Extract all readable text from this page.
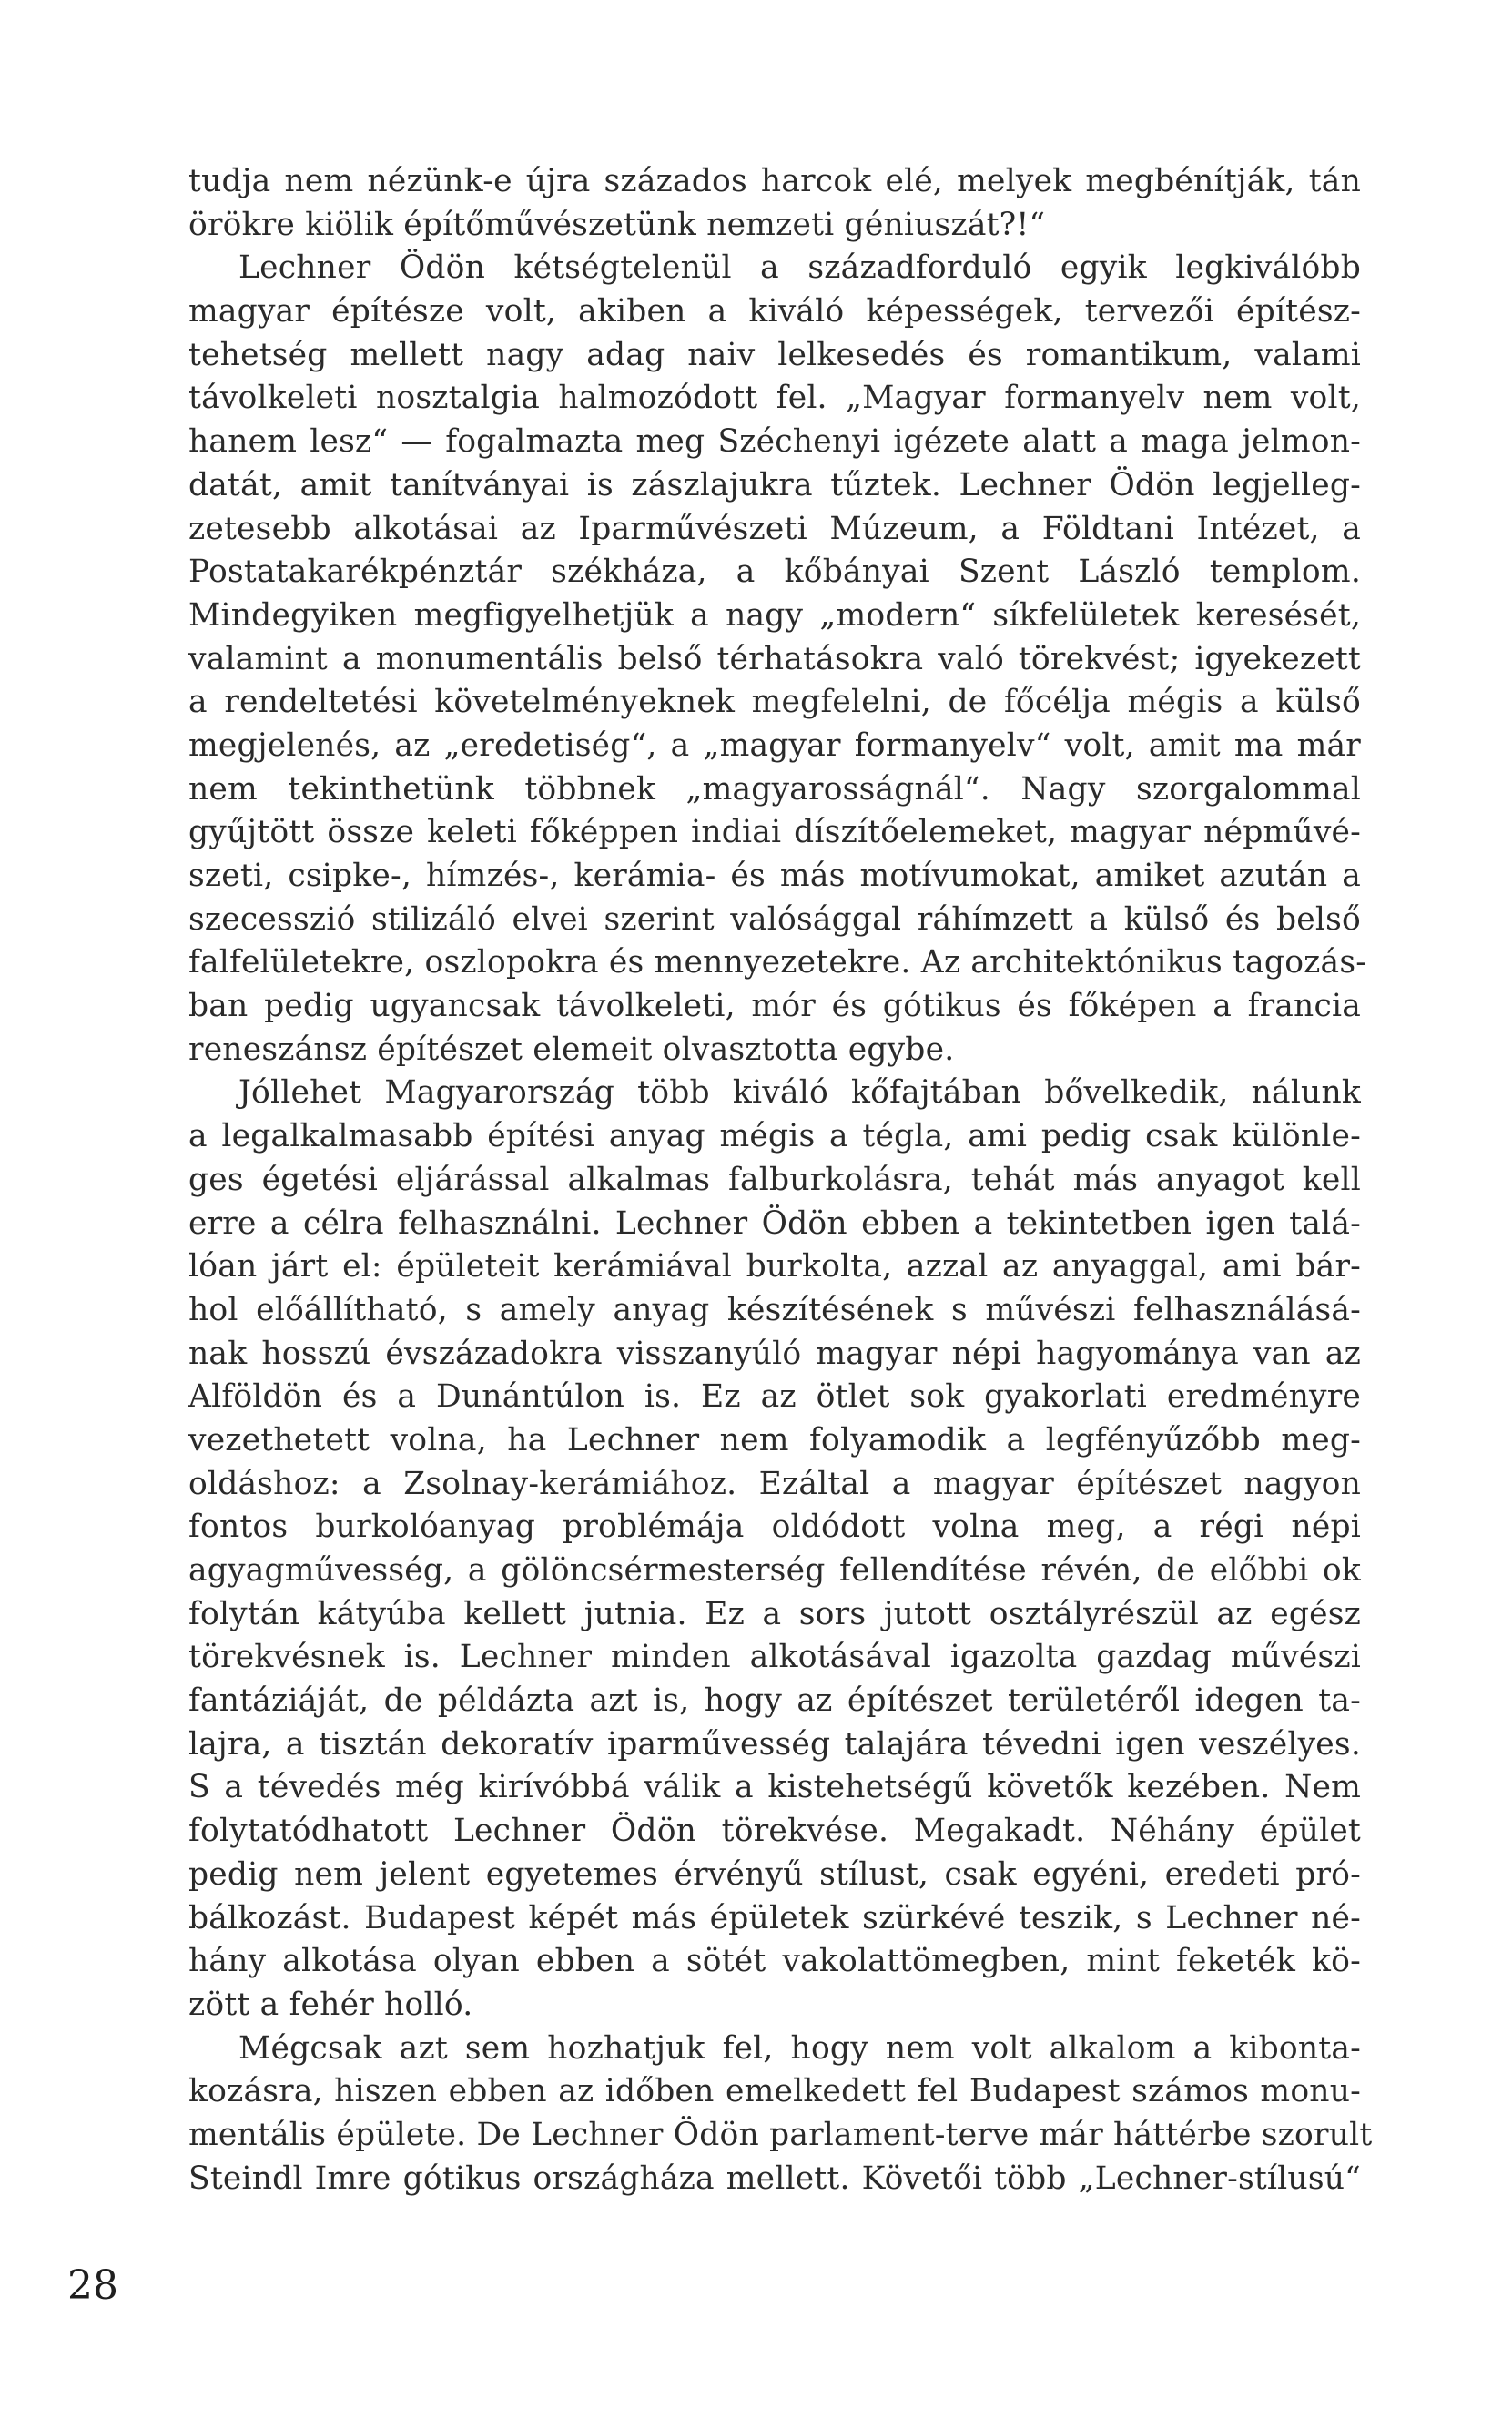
tudja nem nézünk-e újra százados harcok elé, melyek megbénítják, tán
örökre kiölik építőművészetünk nemzeti géniuszát?!“
Lechner Ödön kétségtelenül a századforduló egyik legkiválóbb
magyar építésze volt, akiben a kiváló képességek, tervezői építész-
tehetség mellett nagy adag naiv lelkesedés és romantikum, valami
távolkeleti nosztalgia halmozódott fel. „Magyar formanyelv nem volt,
hanem lesz“ — fogalmazta meg Széchenyi igézete alatt a maga jelmon-
datát, amit tanítványai is zászlajukra tűztek. Lechner Ödön legjelleg-
zetesebb alkotásai az Iparművészeti Múzeum, a Földtani Intézet, a
Postatakarékpénztár székháza, a kőbányai Szent László templom.
Mindegyiken megfigyelhetjük a nagy „modern“ síkfelületek keresését,
valamint a monumentális belső térhatásokra való törekvést; igyekezett
a rendeltetési követelményeknek megfelelni, de főcélja mégis a külső
megjelenés, az „eredetiség“, a „magyar formanyelv“ volt, amit ma már
nem tekinthetünk többnek „magyarosságnál“. Nagy szorgalommal
gyűjtött össze keleti főképpen indiai díszítőelemeket, magyar népművé-
szeti, csipke-, hímzés-, kerámia- és más motívumokat, amiket azután a
szecesszió stilizáló elvei szerint valósággal ráhímzett a külső és belső
falfelületekre, oszlopokra és mennyezetekre. Az architektónikus tagozás-
ban pedig ugyancsak távolkeleti, mór és gótikus és főképen a francia
reneszánsz építészet elemeit olvasztotta egybe.
Jóllehet Magyarország több kiváló kőfajtában bővelkedik, nálunk
a legalkalmasabb építési anyag mégis a tégla, ami pedig csak különle-
ges égetési eljárással alkalmas falburkolásra, tehát más anyagot kell
erre a célra felhasználni. Lechner Ödön ebben a tekintetben igen talá-
lóan járt el: épületeit kerámiával burkolta, azzal az anyaggal, ami bár-
hol előállítható, s amely anyag készítésének s művészi felhasználásá-
nak hosszú évszázadokra visszanyúló magyar népi hagyománya van az
Alföldön és a Dunántúlon is. Ez az ötlet sok gyakorlati eredményre
vezethetett volna, ha Lechner nem folyamodik a legfényűzőbb meg-
oldáshoz: a Zsolnay-kerámiához. Ezáltal a magyar építészet nagyon
fontos burkolóanyag problémája oldódott volna meg, a régi népi
agyagművesség, a gölöncsérmesterség fellendítése révén, de előbbi ok
folytán kátyúba kellett jutnia. Ez a sors jutott osztályrészül az egész
törekvésnek is. Lechner minden alkotásával igazolta gazdag művészi
fantáziáját, de példázta azt is, hogy az építészet területéről idegen ta-
lajra, a tisztán dekoratív iparművesség talajára tévedni igen veszélyes.
S a tévedés még kirívóbbá válik a kistehetségű követők kezében. Nem
folytatódhatott Lechner Ödön törekvése. Megakadt. Néhány épület
pedig nem jelent egyetemes érvényű stílust, csak egyéni, eredeti pró-
bálkozást. Budapest képét más épületek szürkévé teszik, s Lechner né-
hány alkotása olyan ebben a sötét vakolattömegben, mint feketék kö-
zött a fehér holló.
Mégcsak azt sem hozhatjuk fel, hogy nem volt alkalom a kibonta-
kozásra, hiszen ebben az időben emelkedett fel Budapest számos monu-
mentális épülete. De Lechner Ödön parlament-terve már háttérbe szorult
Steindl Imre gótikus országháza mellett. Követői több „Lechner-stílusú“
28
